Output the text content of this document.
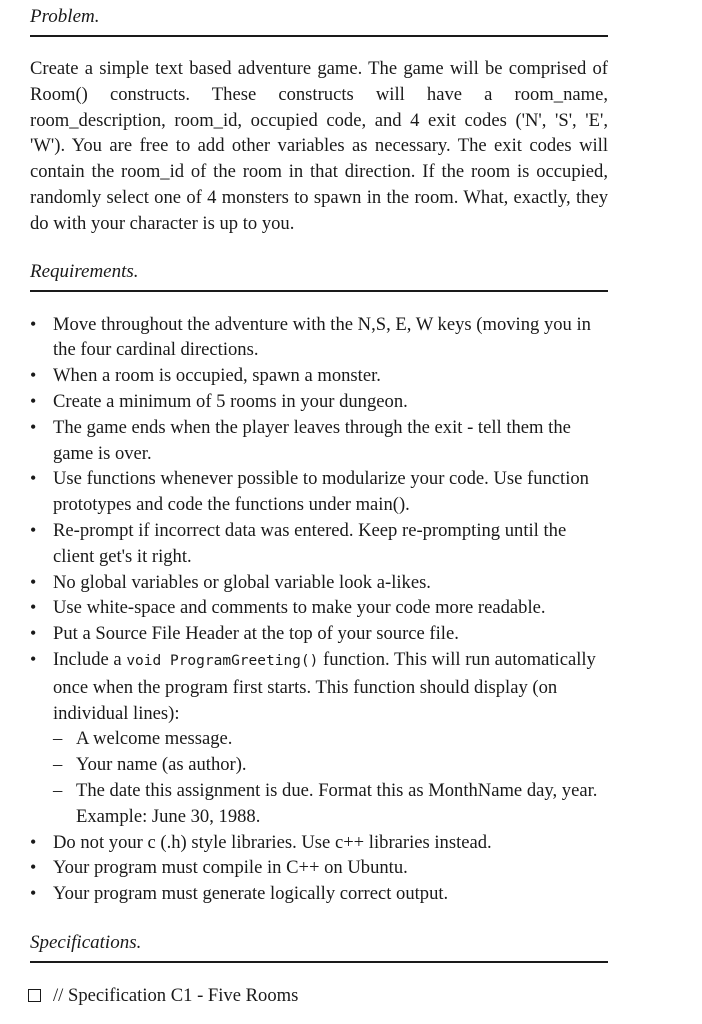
Problem.

Create a simple text based adventure game. The game will be comprised of Room() constructs. These constructs will have a room_name, room_description, room_id, occupied code, and 4 exit codes ('N', 'S', 'E', 'W'). You are free to add other variables as necessary. The exit codes will contain the room_id of the room in that direction. If the room is occupied, randomly select one of 4 monsters to spawn in the room. What, exactly, they do with your character is up to you.

Requirements.
• Move throughout the adventure with the N,S, E, W keys (moving you in the four cardinal directions.
• When a room is occupied, spawn a monster.
• Create a minimum of 5 rooms in your dungeon.
• The game ends when the player leaves through the exit - tell them the game is over.
• Use functions whenever possible to modularize your code. Use function prototypes and code the functions under main().
• Re-prompt if incorrect data was entered. Keep re-prompting until the client get's it right.
• No global variables or global variable look a-likes.
• Use white-space and comments to make your code more readable.
• Put a Source File Header at the top of your source file.
• Include a void ProgramGreeting() function. This will run automatically once when the program first starts. This function should display (on individual lines):
– A welcome message.
– Your name (as author).
– The date this assignment is due. Format this as MonthName day, year. Example: June 30, 1988.
• Do not your c (.h) style libraries. Use c++ libraries instead.
• Your program must compile in C++ on Ubuntu.
• Your program must generate logically correct output.
Specifications.
// Specification C1 - Five Rooms
